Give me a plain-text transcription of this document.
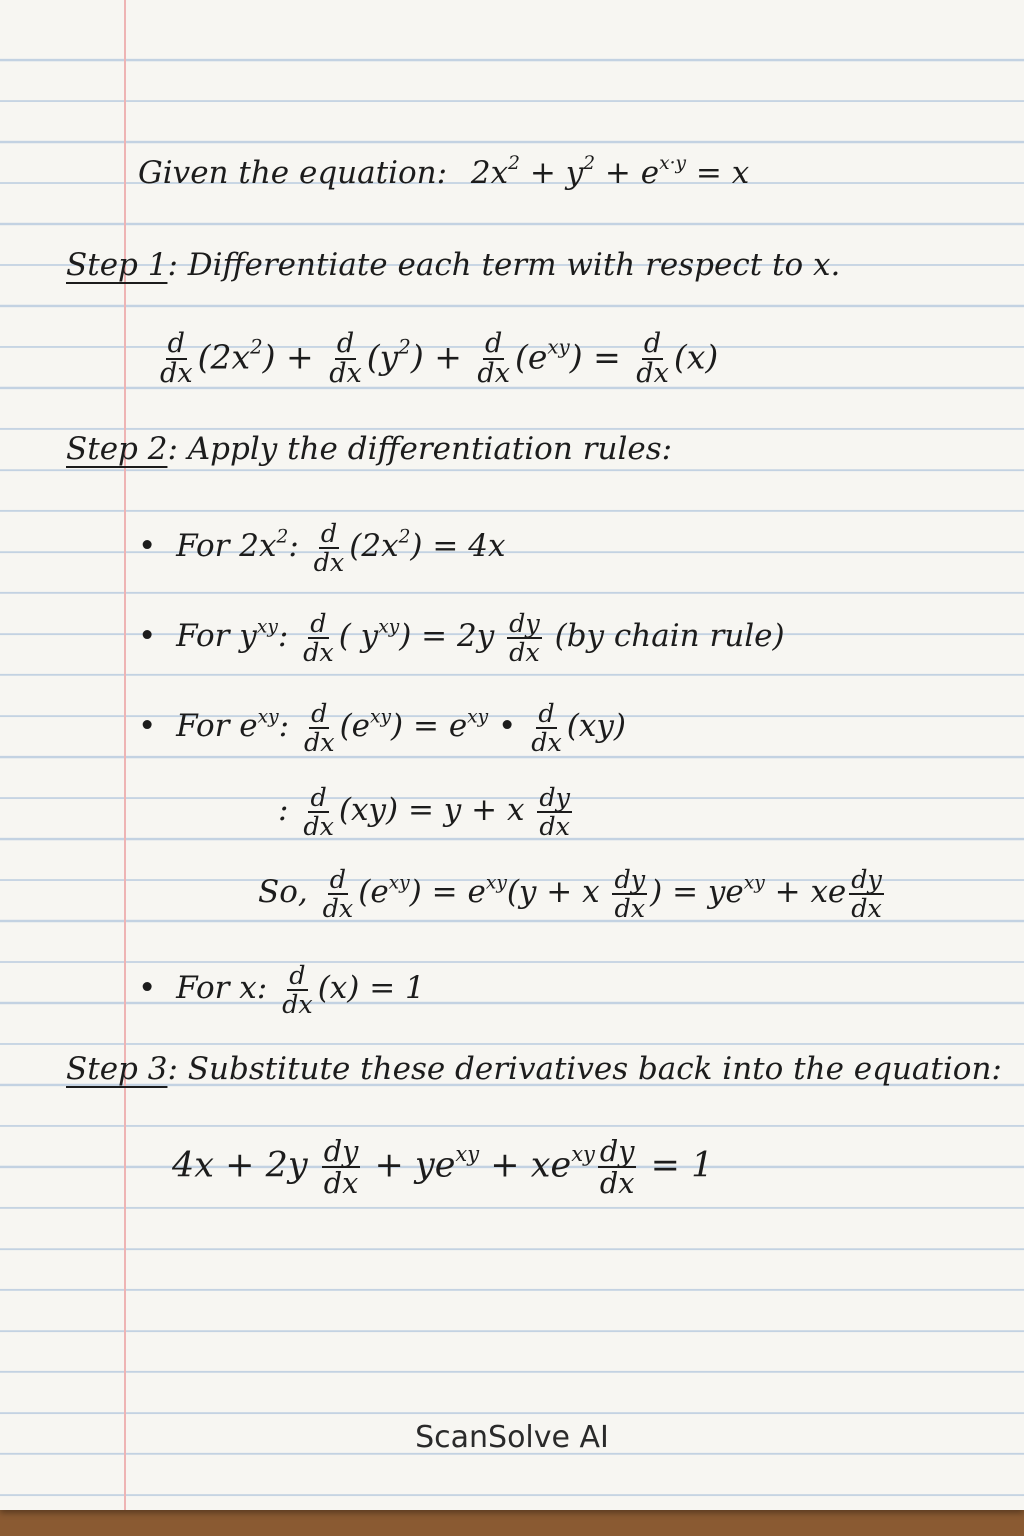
Given the equation: $2x^2 + y^2 + e^{x\cdot y} = x$
Step 1: Differentiate each term with respect to x.
$\frac{d}{dx} (2x^2) + \frac{d}{dx} (y^2) + \frac{d}{dx} (e^{xy}) = \frac{d}{dx} (x)$
Step 2: Apply the differentiation rules:
• For $2x^2$: $\frac{d}{dx} (2x^2) = 4x$
• For $y^{xy}$: $\frac{d}{dx}$ ( $y^{xy}) = 2y \frac{dy}{dx} (by$ chain rule)
• For $e^{xy}$: $\frac{d}{dx} (e^{xy}) = e^{xy}$ • $\frac{d}{dx} (xy)$
: $\frac{d}{dx} (xy) = y + x \frac{dy}{dx}$
So, $\frac{d}{dx} (e^{xy}) = e^{xy}(y + x \frac{dy}{dx}$ ) = $ye^{xy}$ + xe $\frac{dy}{dx}$
• For x: $\frac{d}{dx} (x) = 1$
Step 3: Substitute these derivatives back into the equation:
$4x + 2y \frac{dy}{dx} + ye^{xy} + xe^{xy} \frac{dy}{dx} = 1$
ScanSolve AI
